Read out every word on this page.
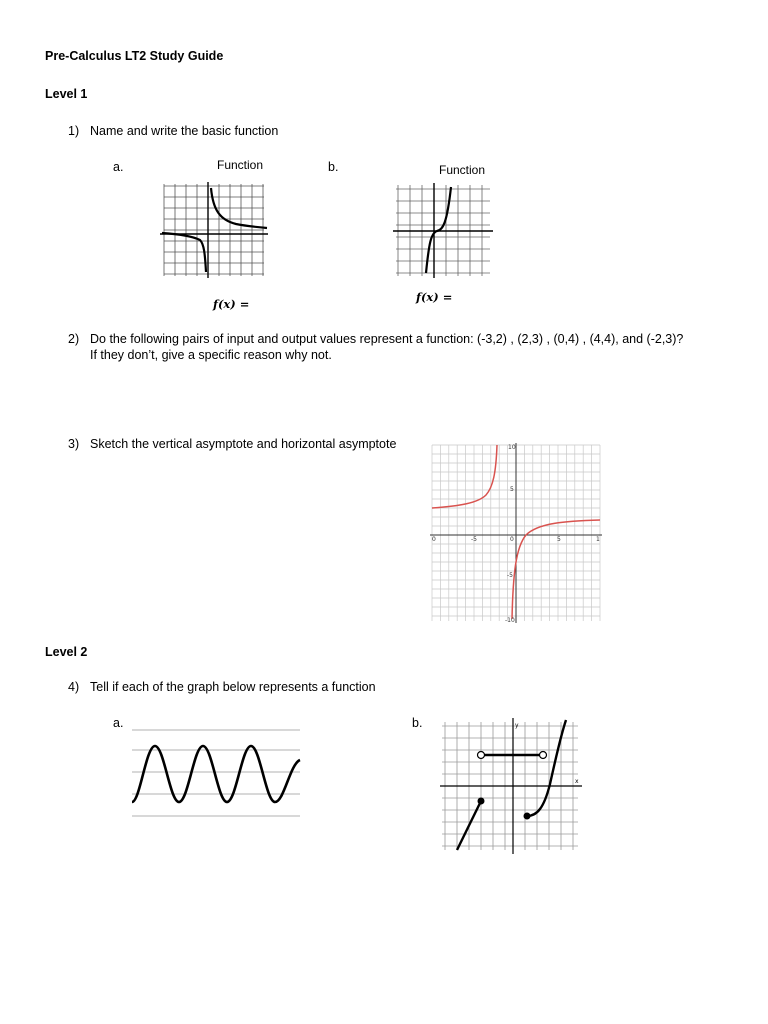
Pre-Calculus LT2 Study Guide
Level 1
1) Name and write the basic function
a.	Function	b.	Function
f(x) =	f(x) =
2) Do the following pairs of input and output values represent a function: (-3,2) , (2,3) , (0,4) , (4,4), and (-2,3)?
If they don’t, give a specific reason why not.
3) Sketch the vertical asymptote and horizontal asymptote
0	-5	0	5	1
10
5
-5
-10
Level 2
4) Tell if each of the graph below represents a function
a.	b.
x
y
